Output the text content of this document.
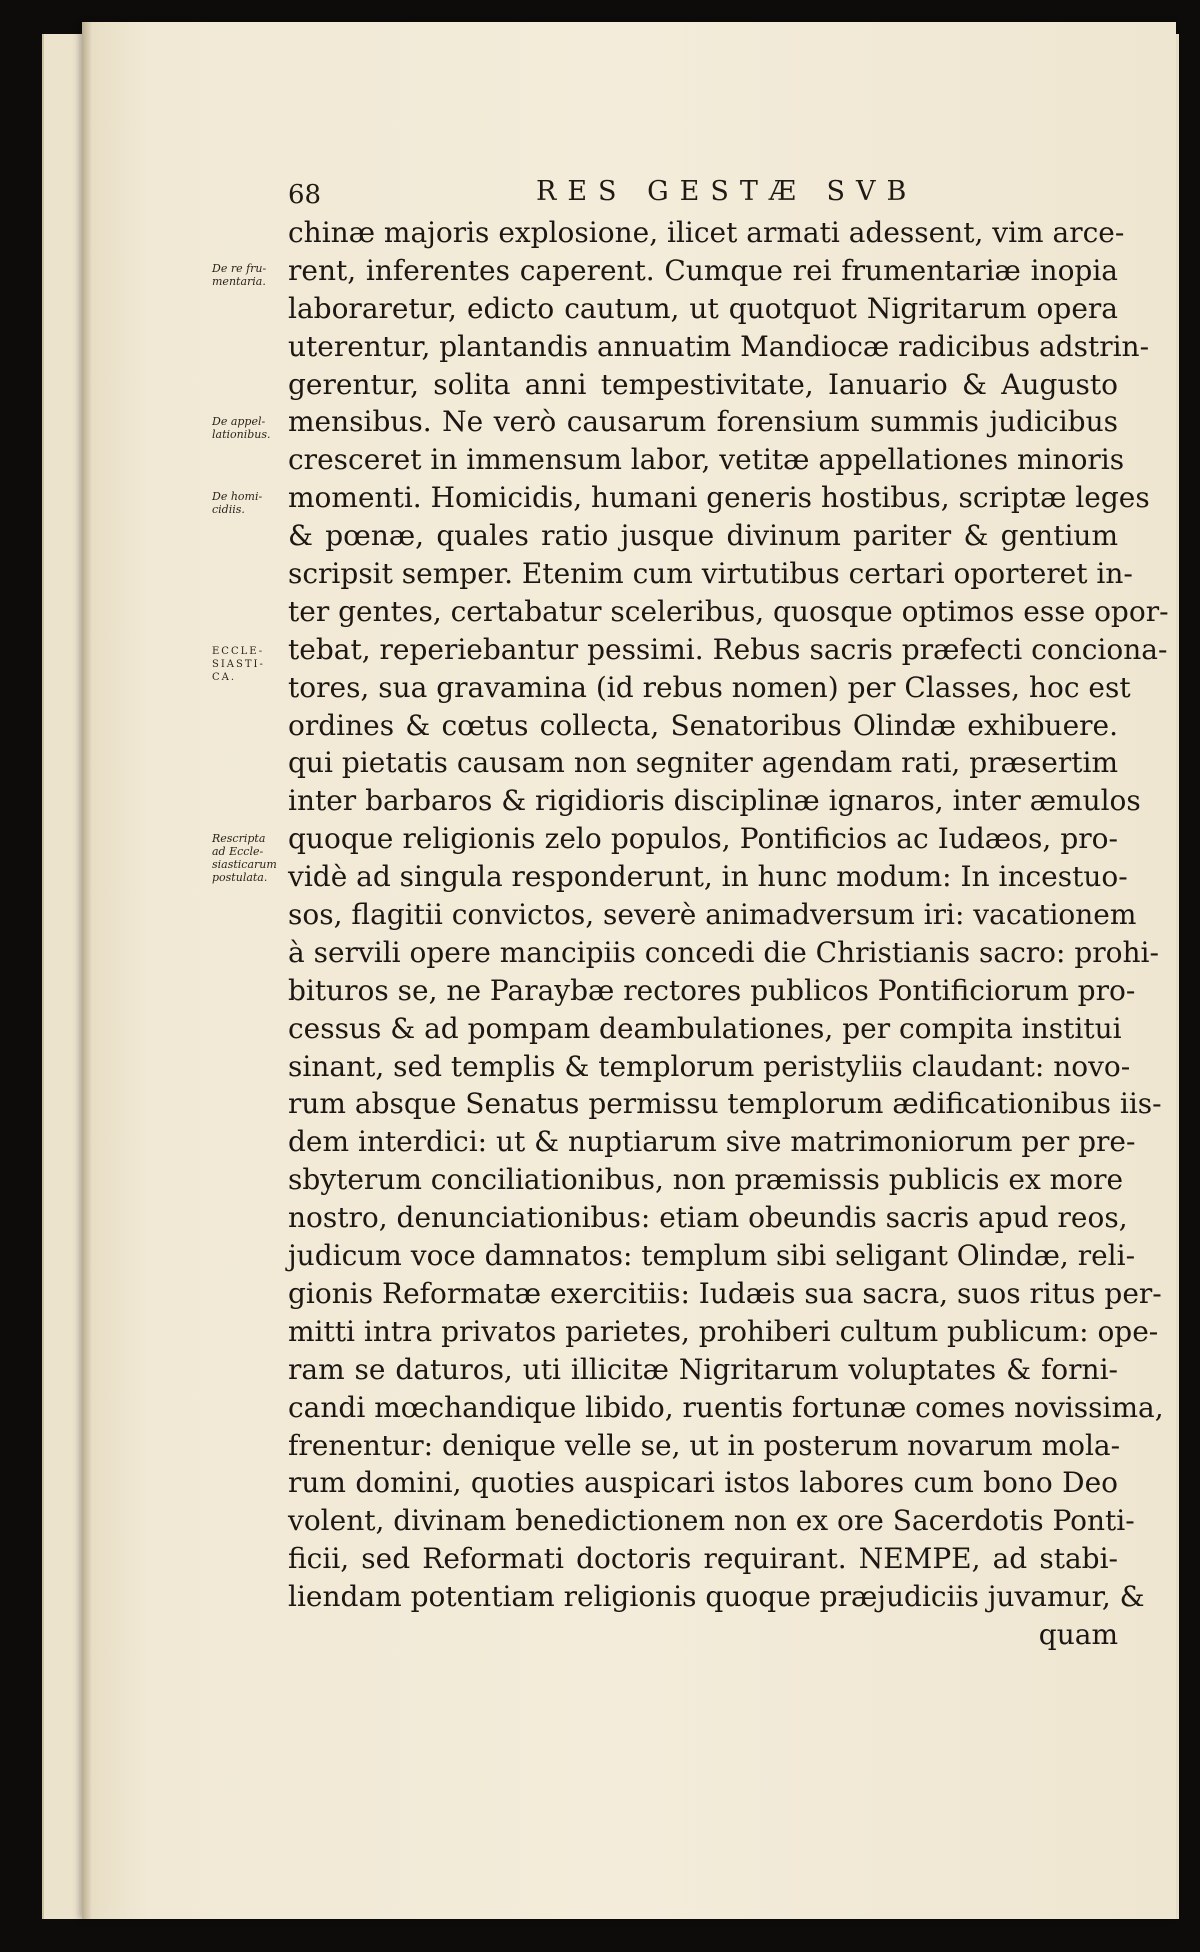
68	RES GESTÆ SVB
De re fru-
mentaria.
De appel-
lationibus.
De homi-
cidiis.
ECCLE-
SIASTI-
CA.
Rescripta
ad Eccle-
siasticarum
postulata.
chinæ majoris explosione, ilicet armati adessent, vim arce-
rent, inferentes caperent. Cumque rei frumentariæ inopia
laboraretur, edicto cautum, ut quotquot Nigritarum opera
uterentur, plantandis annuatim Mandiocæ radicibus adstrin-
gerentur, solita anni tempestivitate, Ianuario & Augusto
mensibus. Ne verò causarum forensium summis judicibus
cresceret in immensum labor, vetitæ appellationes minoris
momenti. Homicidis, humani generis hostibus, scriptæ leges
& pœnæ, quales ratio jusque divinum pariter & gentium
scripsit semper. Etenim cum virtutibus certari oporteret in-
ter gentes, certabatur sceleribus, quosque optimos esse opor-
tebat, reperiebantur pessimi. Rebus sacris præfecti conciona-
tores, sua gravamina (id rebus nomen) per Classes, hoc est
ordines & cœtus collecta, Senatoribus Olindæ exhibuere.
qui pietatis causam non segniter agendam rati, præsertim
inter barbaros & rigidioris disciplinæ ignaros, inter æmulos
quoque religionis zelo populos, Pontificios ac Iudæos, pro-
vidè ad singula responderunt, in hunc modum: In incestuo-
sos, flagitii convictos, severè animadversum iri: vacationem
à servili opere mancipiis concedi die Christianis sacro: prohi-
bituros se, ne Paraybæ rectores publicos Pontificiorum pro-
cessus & ad pompam deambulationes, per compita institui
sinant, sed templis & templorum peristyliis claudant: novo-
rum absque Senatus permissu templorum ædificationibus iis-
dem interdici: ut & nuptiarum sive matrimoniorum per pre-
sbyterum conciliationibus, non præmissis publicis ex more
nostro, denunciationibus: etiam obeundis sacris apud reos,
judicum voce damnatos: templum sibi seligant Olindæ, reli-
gionis Reformatæ exercitiis: Iudæis sua sacra, suos ritus per-
mitti intra privatos parietes, prohiberi cultum publicum: ope-
ram se daturos, uti illicitæ Nigritarum voluptates & forni-
candi mœchandique libido, ruentis fortunæ comes novissima,
frenentur: denique velle se, ut in posterum novarum mola-
rum domini, quoties auspicari istos labores cum bono Deo
volent, divinam benedictionem non ex ore Sacerdotis Ponti-
ficii, sed Reformati doctoris requirant. NEMPE, ad stabi-
liendam potentiam religionis quoque præjudiciis juvamur, &
quam
